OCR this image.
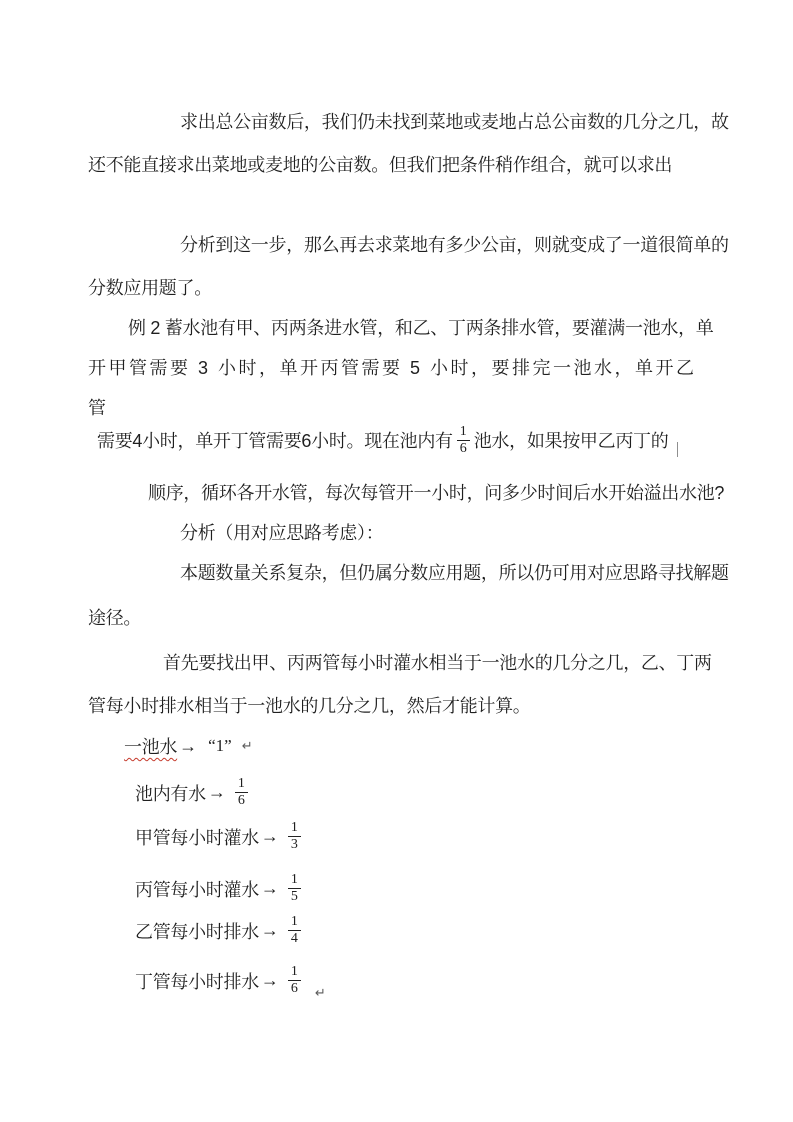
求出总公亩数后，我们仍未找到菜地或麦地占总公亩数的几分之几，故
还不能直接求出菜地或麦地的公亩数。但我们把条件稍作组合，就可以求出
分析到这一步，那么再去求菜地有多少公亩，则就变成了一道很简单的
分数应用题了。
例 2 蓄水池有甲、丙两条进水管，和乙、丁两条排水管，要灌满一池水，单
开甲管需要 3 小时，单开丙管需要 5 小时，要排完一池水，单开乙
管
需要4小时，单开丁管需要6小时。现在池内有 $\frac{1}{6}$ 池水，如果按甲乙丙丁的
顺序，循环各开水管，每次每管开一小时，问多少时间后水开始溢出水池?
分析（用对应思路考虑）：
本题数量关系复杂，但仍属分数应用题，所以仍可用对应思路寻找解题
途径。
首先要找出甲、丙两管每小时灌水相当于一池水的几分之几，乙、丁两
管每小时排水相当于一池水的几分之几，然后才能计算。
一池水 → “1” ↵
池内有水 → $\frac{1}{6}$
甲管每小时灌水 → $\frac{1}{3}$
丙管每小时灌水 → $\frac{1}{5}$
乙管每小时排水 → $\frac{1}{4}$
丁管每小时排水 → $\frac{1}{6}$ ↵
